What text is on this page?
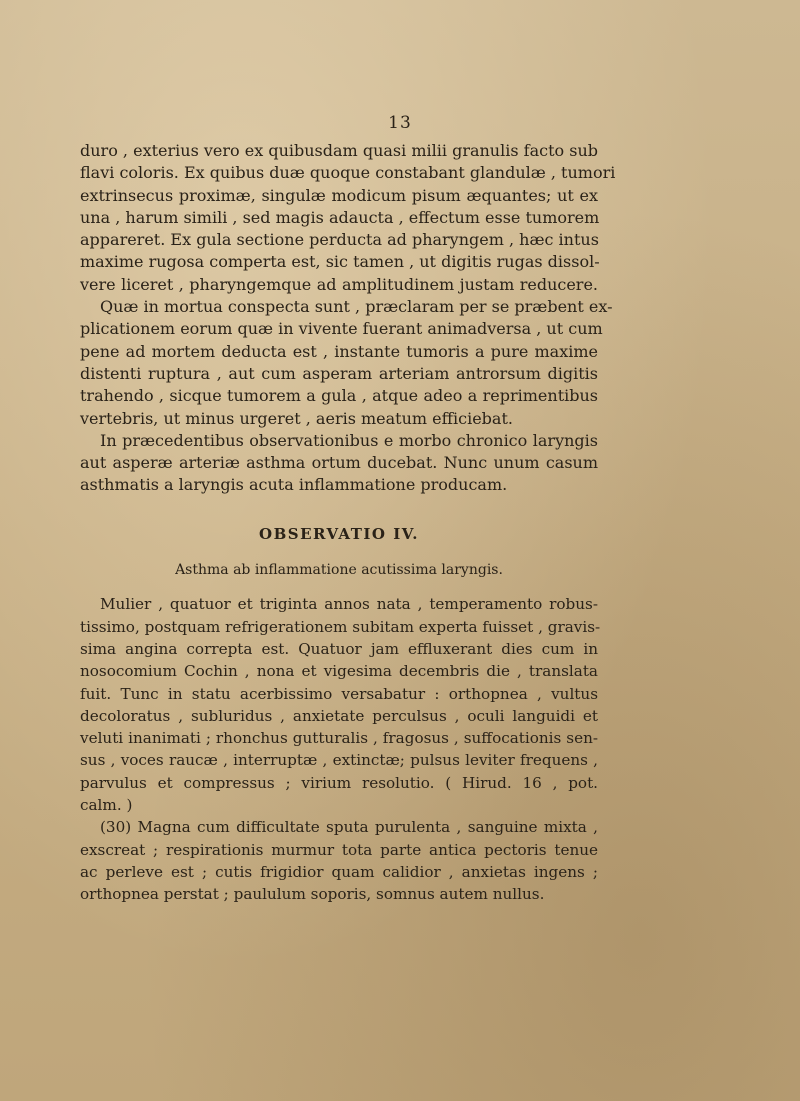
13
duro , exterius vero ex quibusdam quasi milii granulis facto sub
flavi coloris. Ex quibus duæ quoque constabant glandulæ , tumori
extrinsecus proximæ, singulæ modicum pisum æquantes; ut ex
una , harum simili , sed magis adaucta , effectum esse tumorem
appareret. Ex gula sectione perducta ad pharyngem , hæc intus
maxime rugosa comperta est, sic tamen , ut digitis rugas dissol-
vere liceret , pharyngemque ad amplitudinem justam reducere.
Quæ in mortua conspecta sunt , præclaram per se præbent ex-
plicationem eorum quæ in vivente fuerant animadversa , ut cum
pene ad mortem deducta est , instante tumoris a pure maxime
distenti ruptura , aut cum asperam arteriam antrorsum digitis
trahendo , sicque tumorem a gula , atque adeo a reprimentibus
vertebris, ut minus urgeret , aeris meatum efficiebat.
In præcedentibus observationibus e morbo chronico laryngis
aut asperæ arteriæ asthma ortum ducebat. Nunc unum casum
asthmatis a laryngis acuta inflammatione producam.
OBSERVATIO IV.
Asthma ab inflammatione acutissima laryngis.
Mulier , quatuor et triginta annos nata , temperamento robus-
tissimo, postquam refrigerationem subitam experta fuisset , gravis-
sima angina correpta est. Quatuor jam effluxerant dies cum in
nosocomium Cochin , nona et vigesima decembris die , translata
fuit. Tunc in statu acerbissimo versabatur : orthopnea , vultus
decoloratus , subluridus , anxietate perculsus , oculi languidi et
veluti inanimati ; rhonchus gutturalis , fragosus , suffocationis sen-
sus , voces raucæ , interruptæ , extinctæ; pulsus leviter frequens ,
parvulus et compressus ; virium resolutio. ( Hirud. 16 , pot.
calm. )
(30) Magna cum difficultate sputa purulenta , sanguine mixta ,
exscreat ; respirationis murmur tota parte antica pectoris tenue
ac perleve est ; cutis frigidior quam calidior , anxietas ingens ;
orthopnea perstat ; paululum soporis, somnus autem nullus.
